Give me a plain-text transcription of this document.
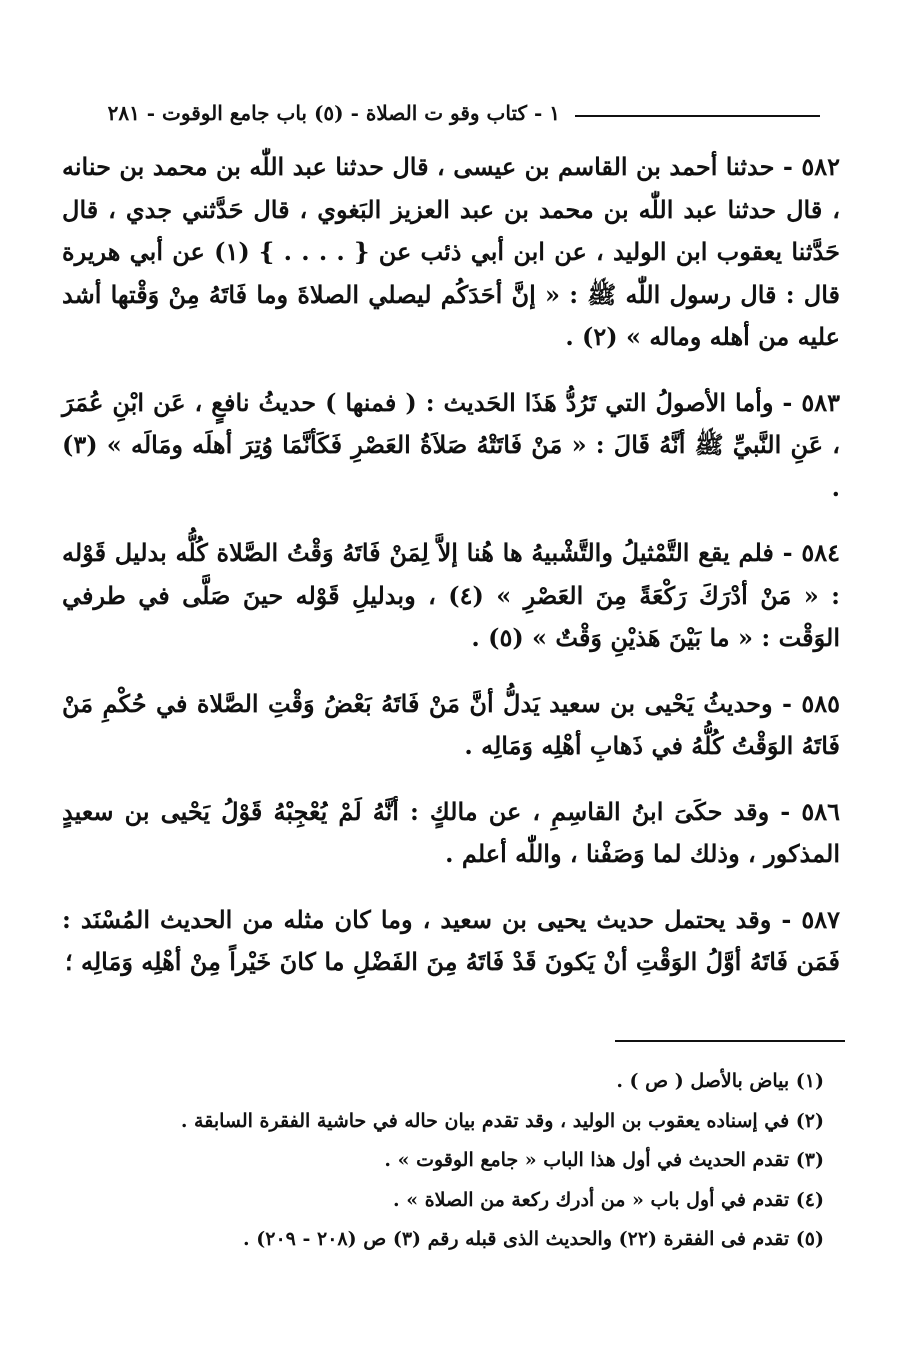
١ - كتاب وقو ت الصلاة - (٥) باب جامع الوقوت - ٢٨١

٥٨٢ - حدثنا أحمد بن القاسم بن عيسى ، قال حدثنا عبد اللّٰه بن محمد بن حنانه ، قال حدثنا عبد اللّٰه بن محمد بن عبد العزيز البَغوي ، قال حَدَّثني جدي ، قال حَدَّثنا يعقوب ابن الوليد ، عن ابن أبي ذئب عن { . . . . } (١) عن أبي هريرة قال : قال رسول اللّٰه ﷺ : « إنَّ أحَدَكُم ليصلي الصلاةَ وما فَاتَهُ مِنْ وَقْتها أشد عليه من أهله وماله » (٢) .

٥٨٣ - وأما الأصولُ التي تَرُدُّ هَذَا الحَديث : ( فمنها ) حديثُ نافعٍ ، عَن ابْنِ عُمَرَ ، عَنِ النَّبيِّ ﷺ أنَّهُ قَالَ : « مَنْ فَاتَتْهُ صَلاَةُ العَصْرِ فَكَأنَّمَا وُتِرَ أهلَه ومَالَه » (٣) .

٥٨٤ - فلم يقع التَّمْثيلُ والتَّشْبيهُ ها هُنا إلاَّ لِمَنْ فَاتَهُ وَقْتُ الصَّلاة كُلُّه بدليل قَوْله : « مَنْ أدْرَكَ رَكْعَةً مِنَ العَصْرِ » (٤) ، وبدليلِ قَوْله حينَ صَلَّى في طرفي الوَقْت : « ما بَيْنَ هَذيْنِ وَقْتٌ » (٥) .

٥٨٥ - وحديثُ يَحْيى بن سعيد يَدلُّ أنَّ مَنْ فَاتَهُ بَعْضُ وَقْتِ الصَّلاة في حُكْمِ مَنْ فَاتَهُ الوَقْتُ كُلُّهُ في ذَهابِ أهْلِه وَمَالِه .

٥٨٦ - وقد حكَىَ ابنُ القاسِمِ ، عن مالكٍ : أنَّهُ لَمْ يُعْجِبْهُ قَوْلُ يَحْيى بن سعيدٍ المذكور ، وذلك لما وَصَفْنا ، واللّٰه أعلم .

٥٨٧ - وقد يحتمل حديث يحيى بن سعيد ، وما كان مثله من الحديث المُسْنَد : فَمَن فَاتَهُ أوَّلُ الوَقْتِ أنْ يَكونَ قَدْ فَاتَهُ مِنَ الفَضْلِ ما كانَ خَيْراً مِنْ أهْلِه وَمَالِه ؛

(١) بياض بالأصل ( ص ) .

(٢) في إسناده يعقوب بن الوليد ، وقد تقدم بيان حاله في حاشية الفقرة السابقة .

(٣) تقدم الحديث في أول هذا الباب « جامع الوقوت » .

(٤) تقدم في أول باب « من أدرك ركعة من الصلاة » .

(٥) تقدم فى الفقرة (٢٢) والحديث الذى قبله رقم (٣) ص (٢٠٨ - ٢٠٩) .
